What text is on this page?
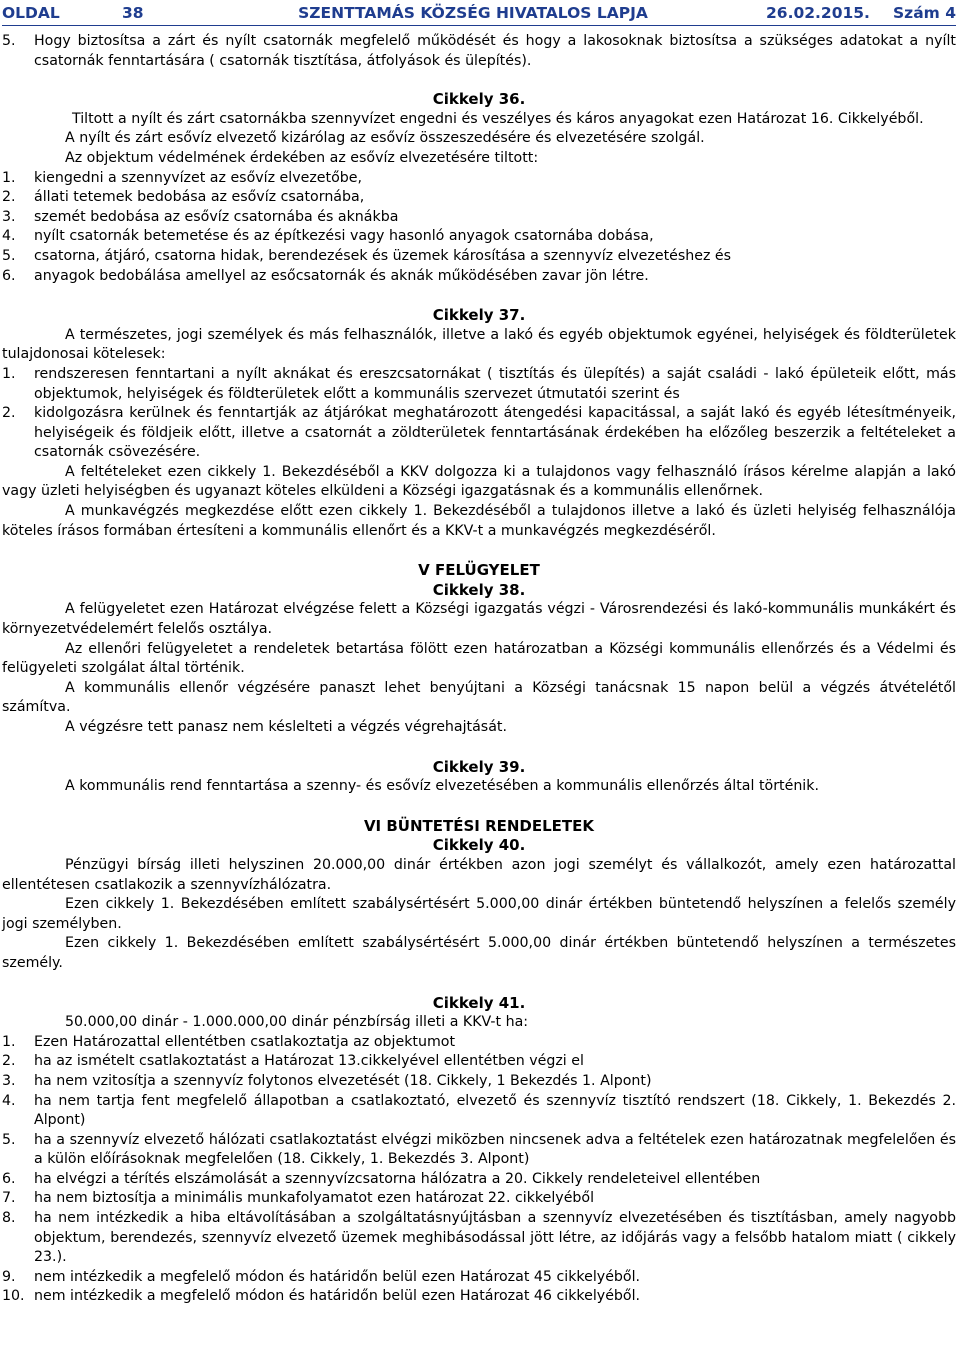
OLDAL	38	SZENTTAMÁS KÖZSÉG HIVATALOS LAPJA	26.02.2015.	Szám 4
5.	Hogy biztosítsa a zárt és nyílt csatornák megfelelő működését és hogy a lakosoknak biztosítsa a szükséges adatokat a nyílt csatornák fenntartására ( csatornák tisztítása, átfolyások és ülepítés).
Cikkely 36.
Tiltott a nyílt és zárt csatornákba szennyvízet engedni és veszélyes és káros anyagokat ezen Határozat 16. Cikkelyéből.
A nyílt és zárt esővíz elvezető kizárólag az esővíz összeszedésére és elvezetésére szolgál.
Az objektum védelmének érdekében az esővíz elvezetésére tiltott:
1.	kiengedni a szennyvízet az esővíz elvezetőbe,
2.	állati tetemek bedobása az esővíz csatornába,
3.	szemét bedobása az esővíz csatornába és aknákba
4.	nyílt csatornák betemetése és az építkezési vagy hasonló anyagok csatornába dobása,
5.	csatorna, átjáró, csatorna hidak, berendezések és üzemek károsítása a szennyvíz elvezetéshez és
6.	anyagok bedobálása amellyel az esőcsatornák és aknák működésében zavar jön létre.
Cikkely 37.
A természetes, jogi személyek és más felhasználók, illetve a lakó és egyéb objektumok egyénei, helyiségek és földterületek tulajdonosai kötelesek:
1.	rendszeresen fenntartani a nyílt aknákat és ereszcsatornákat ( tisztítás és ülepítés) a saját családi - lakó épületeik előtt, más objektumok, helyiségek és földterületek előtt a kommunális szervezet útmutatói szerint és
2.	kidolgozásra kerülnek és fenntartják az átjárókat meghatározott átengedési kapacitással, a saját lakó és egyéb létesítményeik, helyiségeik és földjeik előtt, illetve a csatornát a zöldterületek fenntartásának érdekében ha előzőleg beszerzik a feltételeket a csatornák csövezésére.
A feltételeket ezen cikkely 1. Bekezdéséből a KKV dolgozza ki a tulajdonos vagy felhasználó írásos kérelme alapján a lakó vagy üzleti helyiségben és ugyanazt köteles elküldeni a Községi igazgatásnak és a kommunális ellenőrnek.
A munkavégzés megkezdése előtt ezen cikkely 1. Bekezdéséből a tulajdonos illetve a lakó és üzleti helyiség felhasználója köteles írásos formában értesíteni a kommunális ellenőrt és a KKV-t a munkavégzés megkezdéséről.
V FELÜGYELET
Cikkely 38.
A felügyeletet ezen Határozat elvégzése felett a Községi igazgatás végzi - Városrendezési és lakó-kommunális munkákért és környezetvédelemért felelős osztálya.
Az ellenőri felügyeletet a rendeletek betartása fölött ezen határozatban a Községi kommunális ellenőrzés és a Védelmi és felügyeleti szolgálat által történik.
A kommunális ellenőr végzésére panaszt lehet benyújtani a Községi tanácsnak 15 napon belül a végzés átvételétől számítva.
A végzésre tett panasz nem késlelteti a végzés végrehajtását.
Cikkely 39.
A kommunális rend fenntartása a szenny- és esővíz elvezetésében a kommunális ellenőrzés által történik.
VI BÜNTETÉSI RENDELETEK
Cikkely 40.
Pénzügyi bírság illeti helyszinen 20.000,00 dinár értékben azon jogi személyt és vállalkozót, amely ezen határozattal ellentétesen csatlakozik a szennyvízhálózatra.
Ezen cikkely 1. Bekezdésében említett szabálysértésért 5.000,00 dinár értékben büntetendő helyszínen a felelős személy jogi személyben.
Ezen cikkely 1. Bekezdésében említett szabálysértésért 5.000,00 dinár értékben büntetendő helyszínen a természetes személy.
Cikkely 41.
50.000,00 dinár - 1.000.000,00 dinár pénzbírság illeti a KKV-t ha:
1.	Ezen Határozattal ellentétben csatlakoztatja az objektumot
2.	ha az ismételt csatlakoztatást a Határozat 13.cikkelyével ellentétben végzi el
3.	ha nem vzitosítja a szennyvíz folytonos elvezetését (18. Cikkely, 1 Bekezdés 1. Alpont)
4.	ha nem tartja fent megfelelő állapotban a csatlakoztató, elvezető és szennyvíz tisztító rendszert (18. Cikkely, 1. Bekezdés 2. Alpont)
5.	ha a szennyvíz elvezető hálózati csatlakoztatást elvégzi miközben nincsenek adva a feltételek ezen határozatnak megfelelően és a külön előírásoknak megfelelően (18. Cikkely, 1. Bekezdés 3. Alpont)
6.	ha elvégzi a térítés elszámolását a szennyvízcsatorna hálózatra a 20. Cikkely rendeleteivel ellentében
7.	ha nem biztosítja a minimális munkafolyamatot ezen határozat 22. cikkelyéből
8.	ha nem intézkedik a hiba eltávolításában a szolgáltatásnyújtásban a szennyvíz elvezetésében és tisztításban, amely nagyobb objektum, berendezés, szennyvíz elvezető üzemek meghibásodással jött létre, az időjárás vagy a felsőbb hatalom miatt ( cikkely 23.).
9.	nem intézkedik a megfelelő módon és határidőn belül ezen Határozat 45 cikkelyéből.
10. nem intézkedik a megfelelő módon és határidőn belül ezen Határozat 46 cikkelyéből.
